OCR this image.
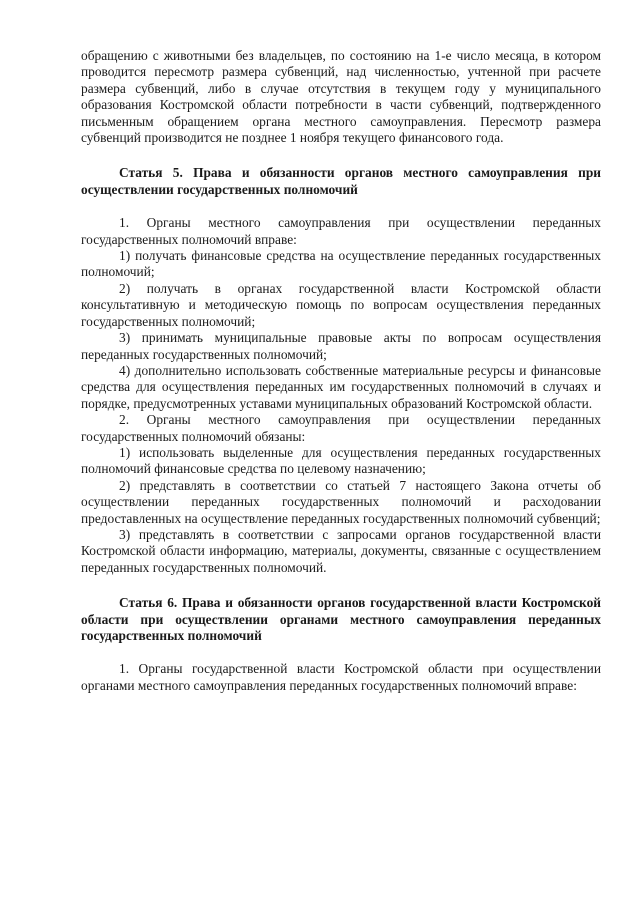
обращению с животными без владельцев, по состоянию на 1-е число месяца, в котором проводится пересмотр размера субвенций, над численностью, учтенной при расчете размера субвенций, либо в случае отсутствия в текущем году у муниципального образования Костромской области потребности в части субвенций, подтвержденного письменным обращением органа местного самоуправления. Пересмотр размера субвенций производится не позднее 1 ноября текущего финансового года.

Статья 5. Права и обязанности органов местного самоуправления при осуществлении государственных полномочий

1. Органы местного самоуправления при осуществлении переданных государственных полномочий вправе:

1) получать финансовые средства на осуществление переданных государственных полномочий;

2) получать в органах государственной власти Костромской области консультативную и методическую помощь по вопросам осуществления переданных государственных полномочий;

3) принимать муниципальные правовые акты по вопросам осуществления переданных государственных полномочий;

4) дополнительно использовать собственные материальные ресурсы и финансовые средства для осуществления переданных им государственных полномочий в случаях и порядке, предусмотренных уставами муниципальных образований Костромской области.

2. Органы местного самоуправления при осуществлении переданных государственных полномочий обязаны:

1) использовать выделенные для осуществления переданных государственных полномочий финансовые средства по целевому назначению;

2) представлять в соответствии со статьей 7 настоящего Закона отчеты об осуществлении переданных государственных полномочий и расходовании предоставленных на осуществление переданных государственных полномочий субвенций;

3) представлять в соответствии с запросами органов государственной власти Костромской области информацию, материалы, документы, связанные с осуществлением переданных государственных полномочий.

Статья 6. Права и обязанности органов государственной власти Костромской области при осуществлении органами местного самоуправления переданных государственных полномочий

1. Органы государственной власти Костромской области при осуществлении органами местного самоуправления переданных государственных полномочий вправе:
